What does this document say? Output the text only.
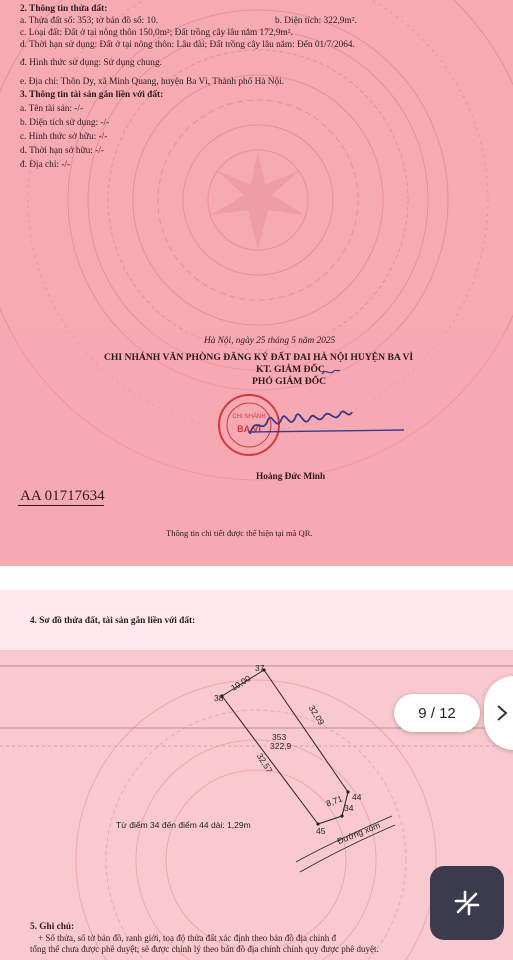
2. Thông tin thửa đất:
a. Thửa đất số: 353; tờ bản đồ số: 10.	b. Diện tích: 322,9m².
c. Loại đất: Đất ở tại nông thôn 150,0m²; Đất trồng cây lâu năm 172,9m².
d. Thời hạn sử dụng: Đất ở tại nông thôn: Lâu dài; Đất trồng cây lâu năm: Đến 01/7/2064.
đ. Hình thức sử dụng: Sử dụng chung.
e. Địa chỉ: Thôn Dy, xã Minh Quang, huyện Ba Vì, Thành phố Hà Nội.
3. Thông tin tài sản gắn liền với đất:
a. Tên tài sản: -/-
b. Diện tích sử dụng: -/-
c. Hình thức sở hữu: -/-
d. Thời hạn sở hữu: -/-
đ. Địa chỉ: -/-
Hà Nội, ngày 25 tháng 5 năm 2025
CHI NHÁNH VĂN PHÒNG ĐĂNG KÝ ĐẤT ĐAI HÀ NỘI HUYỆN BA VÌ
KT. GIÁM ĐỐC
PHÓ GIÁM ĐỐC
CHI NHÁNH
BA VÌ
Hoàng Đức Minh
AA 01717634
Thông tin chi tiết được thể hiện tại mã QR.
4. Sơ đồ thửa đất, tài sản gắn liền với đất:
37
38
10,00
32,09
32,57
353
322,9
44
34
8,71
45 Đường xóm
Từ điểm 34 đến điểm 44 dài: 1,29m
5. Ghi chú:
+ Số thửa, số tờ bản đồ, ranh giới, toạ độ thửa đất xác định theo bản đồ địa chính đ
tổng thể chưa được phê duyệt; sẽ được chỉnh lý theo bản đồ địa chính chính quy được phê duyệt.
9 / 12
